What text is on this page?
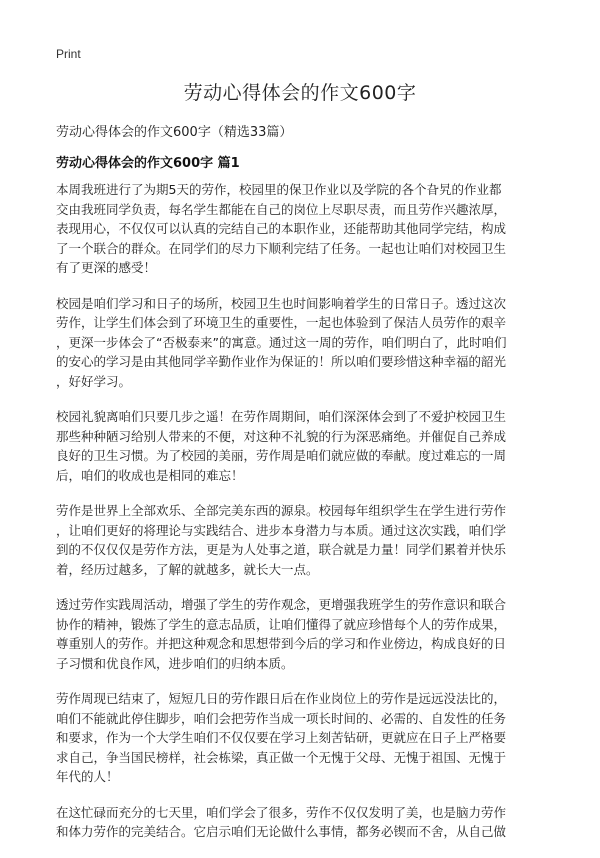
Print
劳动心得体会的作文600字
劳动心得体会的作文600字（精选33篇）
劳动心得体会的作文600字 篇1

本周我班进行了为期5天的劳作，校园里的保卫作业以及学院的各个旮旯的作业都
交由我班同学负责，每名学生都能在自己的岗位上尽职尽责，而且劳作兴趣浓厚，
表现用心，不仅仅可以认真的完结自己的本职作业，还能帮助其他同学完结，构成
了一个联合的群众。在同学们的尽力下顺利完结了任务。一起也让咱们对校园卫生
有了更深的感受！

校园是咱们学习和日子的场所，校园卫生也时间影响着学生的日常日子。透过这次
劳作，让学生们体会到了环境卫生的重要性，一起也体验到了保洁人员劳作的艰辛
，更深一步体会了“否极泰来”的寓意。通过这一周的劳作，咱们明白了，此时咱们
的安心的学习是由其他同学辛勤作业作为保证的！所以咱们要珍惜这种幸福的韶光
，好好学习。

校园礼貌离咱们只要几步之遥！在劳作周期间，咱们深深体会到了不爱护校园卫生
那些种种陋习给别人带来的不便，对这种不礼貌的行为深恶痛绝。并催促自己养成
良好的卫生习惯。为了校园的美丽，劳作周是咱们就应做的奉献。度过难忘的一周
后，咱们的收成也是相同的难忘！

劳作是世界上全部欢乐、全部完美东西的源泉。校园每年组织学生在学生进行劳作
，让咱们更好的将理论与实践结合、进步本身潜力与本质。通过这次实践，咱们学
到的不仅仅仅是劳作方法，更是为人处事之道，联合就是力量！同学们累着并快乐
着，经历过越多，了解的就越多，就长大一点。

透过劳作实践周活动，增强了学生的劳作观念，更增强我班学生的劳作意识和联合
协作的精神，锻炼了学生的意志品质，让咱们懂得了就应珍惜每个人的劳作成果，
尊重别人的劳作。并把这种观念和思想带到今后的学习和作业傍边，构成良好的日
子习惯和优良作风，进步咱们的归纳本质。

劳作周现已结束了，短短几日的劳作跟日后在作业岗位上的劳作是远远没法比的，
咱们不能就此停住脚步，咱们会把劳作当成一项长时间的、必需的、自发性的任务
和要求，作为一个大学生咱们不仅仅要在学习上刻苦钻研，更就应在日子上严格要
求自己，争当国民榜样，社会栋梁，真正做一个无愧于父母、无愧于祖国、无愧于
年代的人！

在这忙碌而充分的七天里，咱们学会了很多，劳作不仅仅发明了美，也是脑力劳作
和体力劳作的完美结合。它启示咱们无论做什么事情，都务必锲而不舍，从自己做
